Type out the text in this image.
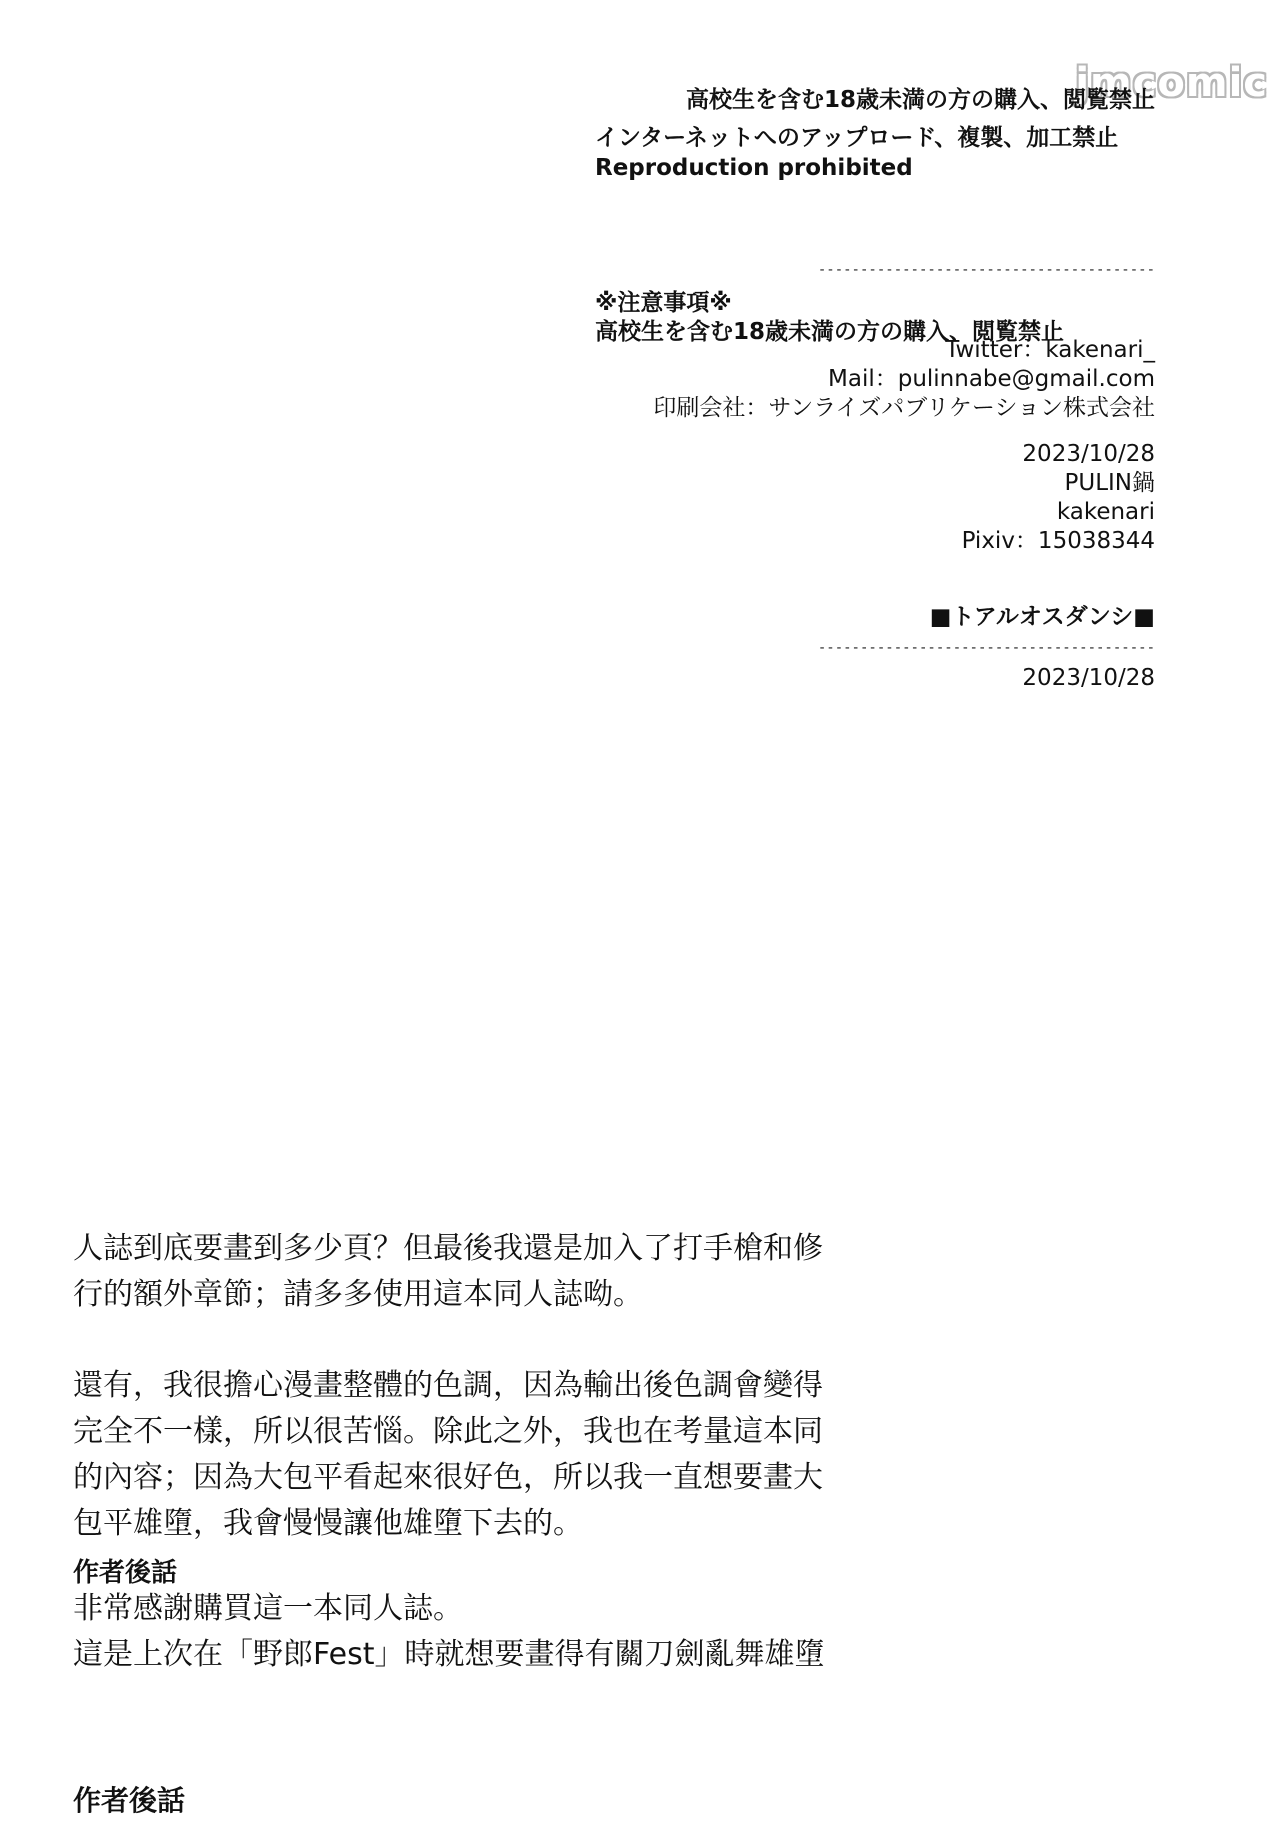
jmcomic
高校生を含む18歳未満の方の購入、閲覧禁止
インターネットへのアップロード、複製、加工禁止
Reproduction prohibited
----------------------------------------
※注意事項※
高校生を含む18歳未満の方の購入、閲覧禁止
Twitter：kakenari_
Mail：pulinnabe@gmail.com
印刷会社：サンライズパブリケーション株式会社
2023/10/28
PULIN鍋
kakenari
Pixiv：15038344
■トアルオスダンシ■
----------------------------------------
2023/10/28
人誌到底要畫到多少頁？但最後我還是加入了打手槍和修
行的額外章節；請多多使用這本同人誌呦。
還有，我很擔心漫畫整體的色調，因為輸出後色調會變得
完全不一樣，所以很苦惱。除此之外，我也在考量這本同
的內容；因為大包平看起來很好色，所以我一直想要畫大
包平雄墮，我會慢慢讓他雄墮下去的。
作者後話
非常感謝購買這一本同人誌。
這是上次在「野郎Fest」時就想要畫得有關刀劍亂舞雄墮
作者後話
